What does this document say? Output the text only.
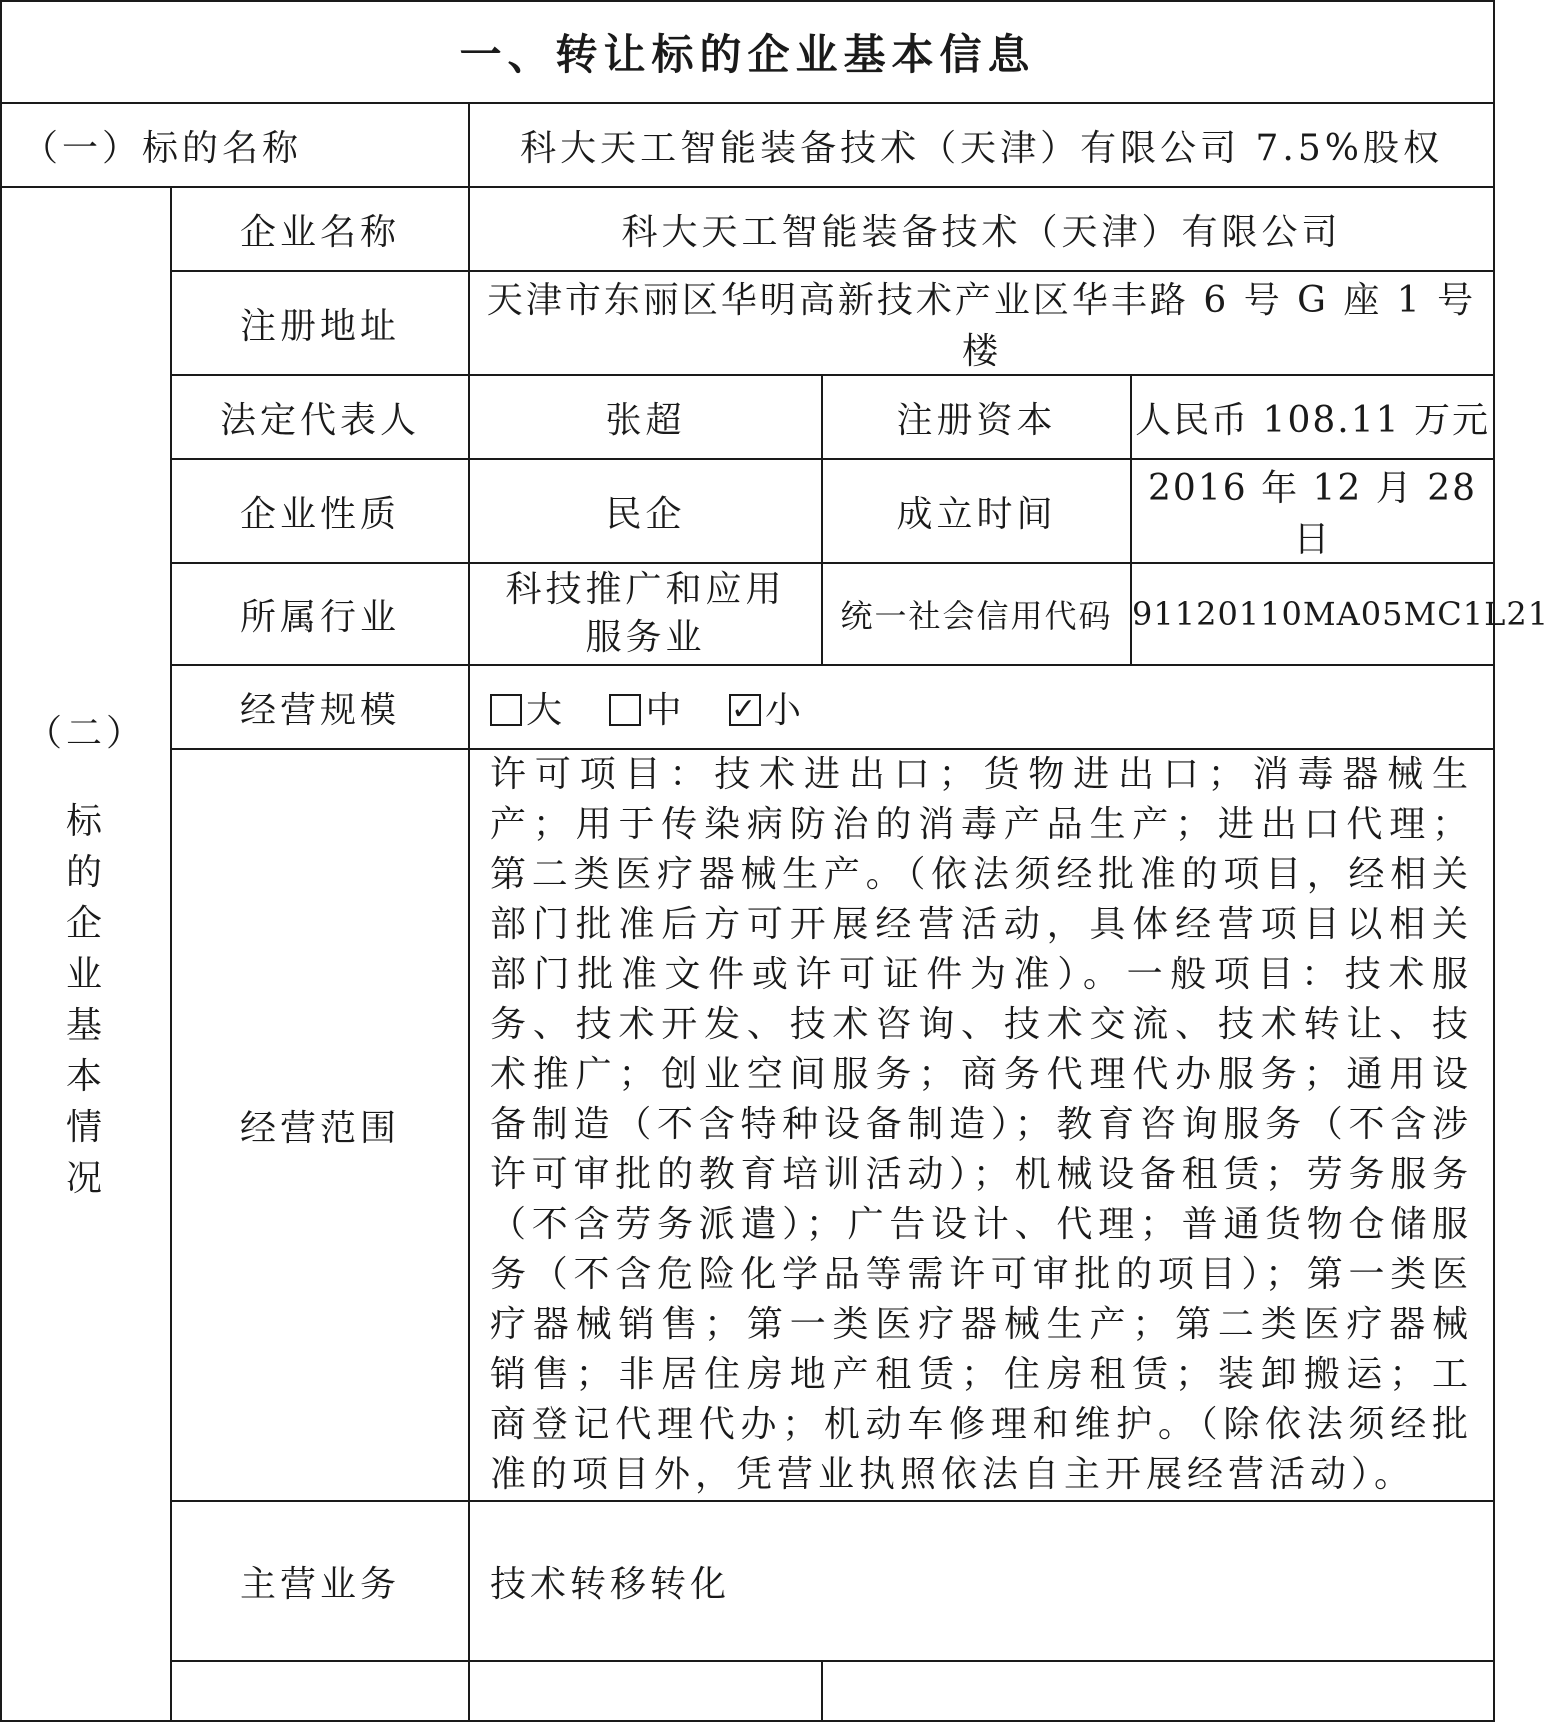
一、转让标的企业基本信息				
（一）标的名称		科大天工智能装备技术（天津）有限公司 7.5%股权		

（二）
标的企业基本情况	企业名称	科大天工智能装备技术（天津）有限公司		
	注册地址	天津市东丽区华明高新技术产业区华丰路 6 号 G 座 1 号楼		
	法定代表人	张超	注册资本	人民币 108.11 万元
	企业性质	民企	成立时间	2016 年 12 月 28 日
	所属行业	科技推广和应用服务业	统一社会信用代码	91120110MA05MC1L21
	经营规模	大 中 ✓ 小		
	经营范围	许可项目：技术进出口；货物进出口；消毒器械生产；用于传染病防治的消毒产品生产；进出口代理；第二类医疗器械生产。（依法须经批准的项目，经相关部门批准后方可开展经营活动，具体经营项目以相关部门批准文件或许可证件为准）。一般项目：技术服务、技术开发、技术咨询、技术交流、技术转让、技术推广；创业空间服务；商务代理代办服务；通用设备制造（不含特种设备制造）；教育咨询服务（不含涉许可审批的教育培训活动）；机械设备租赁；劳务服务（不含劳务派遣）；广告设计、代理；普通货物仓储服务（不含危险化学品等需许可审批的项目）；第一类医疗器械销售；第一类医疗器械生产；第二类医疗器械销售；非居住房地产租赁；住房租赁；装卸搬运；工商登记代理代办；机动车修理和维护。（除依法须经批准的项目外，凭营业执照依法自主开展经营活动）。		
	主营业务	技术转移转化		
